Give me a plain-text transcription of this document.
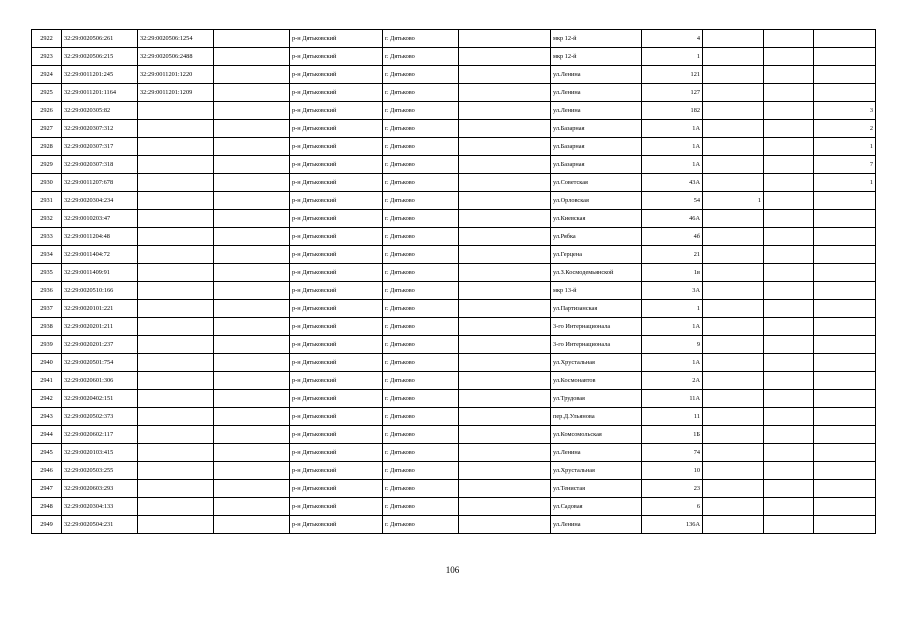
2922	32:29:0020506:261	32:29:0020506:1254		р-н Дятьковский	г. Дятьково		мкр 12-й	4			
2923	32:29:0020506:215	32:29:0020506:2488		р-н Дятьковский	г. Дятьково		мкр 12-й	1			
2924	32:29:0011201:245	32:29:0011201:1220		р-н Дятьковский	г. Дятьково		ул.Ленина	121			
2925	32:29:0011201:1164	32:29:0011201:1209		р-н Дятьковский	г. Дятьково		ул.Ленина	127			
2926	32:29:0020305:82			р-н Дятьковский	г. Дятьково		ул.Ленина	182			3
2927	32:29:0020307:312			р-н Дятьковский	г. Дятьково		ул.Базарная	1А			2
2928	32:29:0020307:317			р-н Дятьковский	г. Дятьково		ул.Базарная	1А			1
2929	32:29:0020307:318			р-н Дятьковский	г. Дятьково		ул.Базарная	1А			7
2930	32:29:0011207:678			р-н Дятьковский	г. Дятьково		ул.Советская	43А			1
2931	32:29:0020304:234			р-н Дятьковский	г. Дятьково		ул.Орловская	54	1		
2932	32:29:0010203:47			р-н Дятьковский	г. Дятьково		ул.Киевская	46А			
2933	32:29:0011204:48			р-н Дятьковский	г. Дятьково		ул.Рябка	4б			
2934	32:29:0011404:72			р-н Дятьковский	г. Дятьково		ул.Герцена	21			
2935	32:29:0011409:91			р-н Дятьковский	г. Дятьково		ул.З.Космодемьянской	1в			
2936	32:29:0020510:166			р-н Дятьковский	г. Дятьково		мкр 13-й	3А			
2937	32:29:0020101:221			р-н Дятьковский	г. Дятьково		ул.Партизанская	1			
2938	32:29:0020201:211			р-н Дятьковский	г. Дятьково		3-го Интернационала	1А			
2939	32:29:0020201:237			р-н Дятьковский	г. Дятьково		3-го Интернационала	9			
2940	32:29:0020501:754			р-н Дятьковский	г. Дятьково		ул.Хрустальная	1А			
2941	32:29:0020601:306			р-н Дятьковский	г. Дятьково		ул.Космонавтов	2А			
2942	32:29:0020402:151			р-н Дятьковский	г. Дятьково		ул.Трудовая	11А			
2943	32:29:0020502:373			р-н Дятьковский	г. Дятьково		пер.Д.Ульянова	11			
2944	32:29:0020602:117			р-н Дятьковский	г. Дятьково		ул.Комсомольская	1Б			
2945	32:29:0020103:415			р-н Дятьковский	г. Дятьково		ул.Ленина	74			
2946	32:29:0020503:255			р-н Дятьковский	г. Дятьково		ул.Хрустальная	10			
2947	32:29:0020603:293			р-н Дятьковский	г. Дятьково		ул.Тенистая	23			
2948	32:29:0020304:133			р-н Дятьковский	г. Дятьково		ул.Садовая	6			
2949	32:29:0020504:231			р-н Дятьковский	г. Дятьково		ул.Ленина	136А			
106
